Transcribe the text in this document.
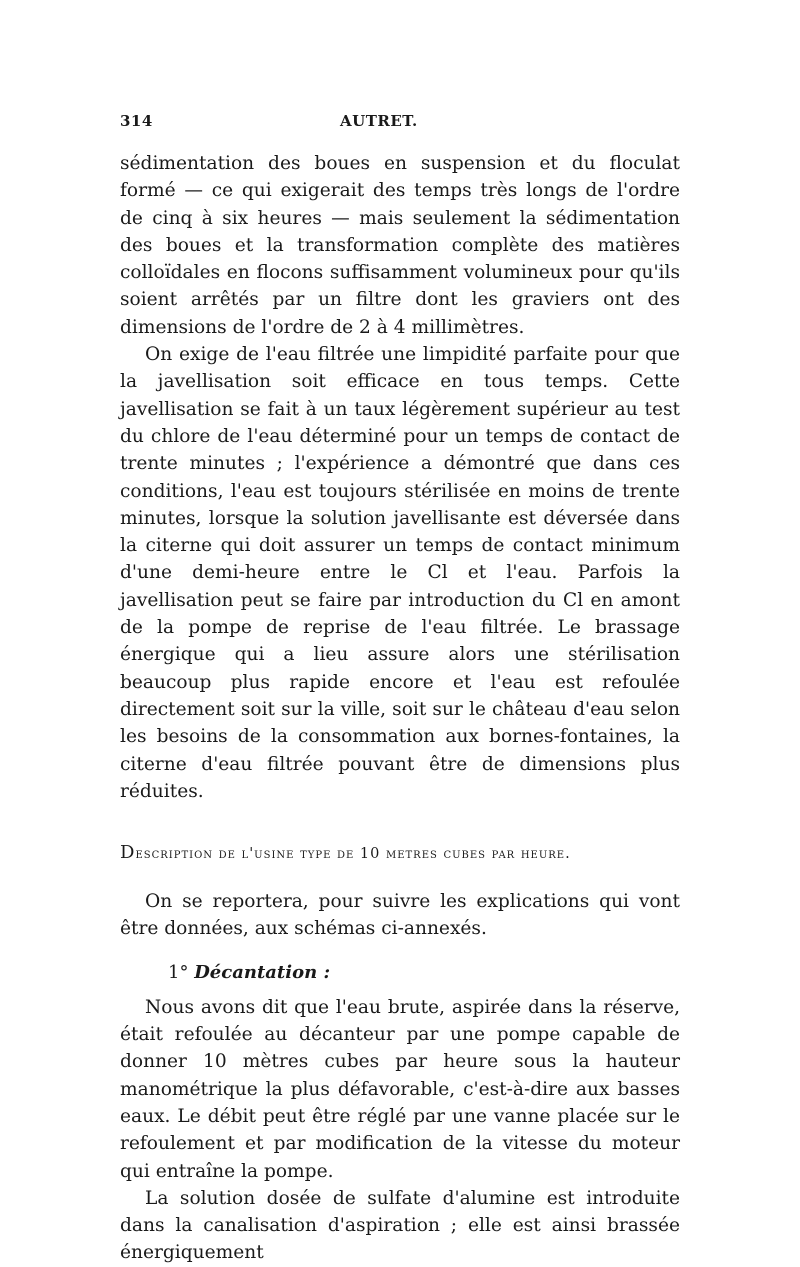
314	AUTRET.

sédimentation des boues en suspension et du floculat formé — ce qui exigerait des temps très longs de l'ordre de cinq à six heures — mais seulement la sédimentation des boues et la transformation complète des matières colloïdales en flocons suffisamment volumineux pour qu'ils soient arrêtés par un filtre dont les graviers ont des dimensions de l'ordre de 2 à 4 millimètres.

On exige de l'eau filtrée une limpidité parfaite pour que la javellisation soit efficace en tous temps. Cette javellisation se fait à un taux légèrement supérieur au test du chlore de l'eau déterminé pour un temps de contact de trente minutes ; l'expérience a démontré que dans ces conditions, l'eau est toujours stérilisée en moins de trente minutes, lorsque la solution javellisante est déversée dans la citerne qui doit assurer un temps de contact minimum d'une demi-heure entre le Cl et l'eau. Parfois la javellisation peut se faire par introduction du Cl en amont de la pompe de reprise de l'eau filtrée. Le brassage énergique qui a lieu assure alors une stérilisation beaucoup plus rapide encore et l'eau est refoulée directement soit sur la ville, soit sur le château d'eau selon les besoins de la consommation aux bornes-fontaines, la citerne d'eau filtrée pouvant être de dimensions plus réduites.

Description de l'usine type de 10 metres cubes par heure.

On se reportera, pour suivre les explications qui vont être données, aux schémas ci-annexés.

1° Décantation :

Nous avons dit que l'eau brute, aspirée dans la réserve, était refoulée au décanteur par une pompe capable de donner 10 mètres cubes par heure sous la hauteur manométrique la plus défavorable, c'est-à-dire aux basses eaux. Le débit peut être réglé par une vanne placée sur le refoulement et par modification de la vitesse du moteur qui entraîne la pompe.

La solution dosée de sulfate d'alumine est introduite dans la canalisation d'aspiration ; elle est ainsi brassée énergiquement
